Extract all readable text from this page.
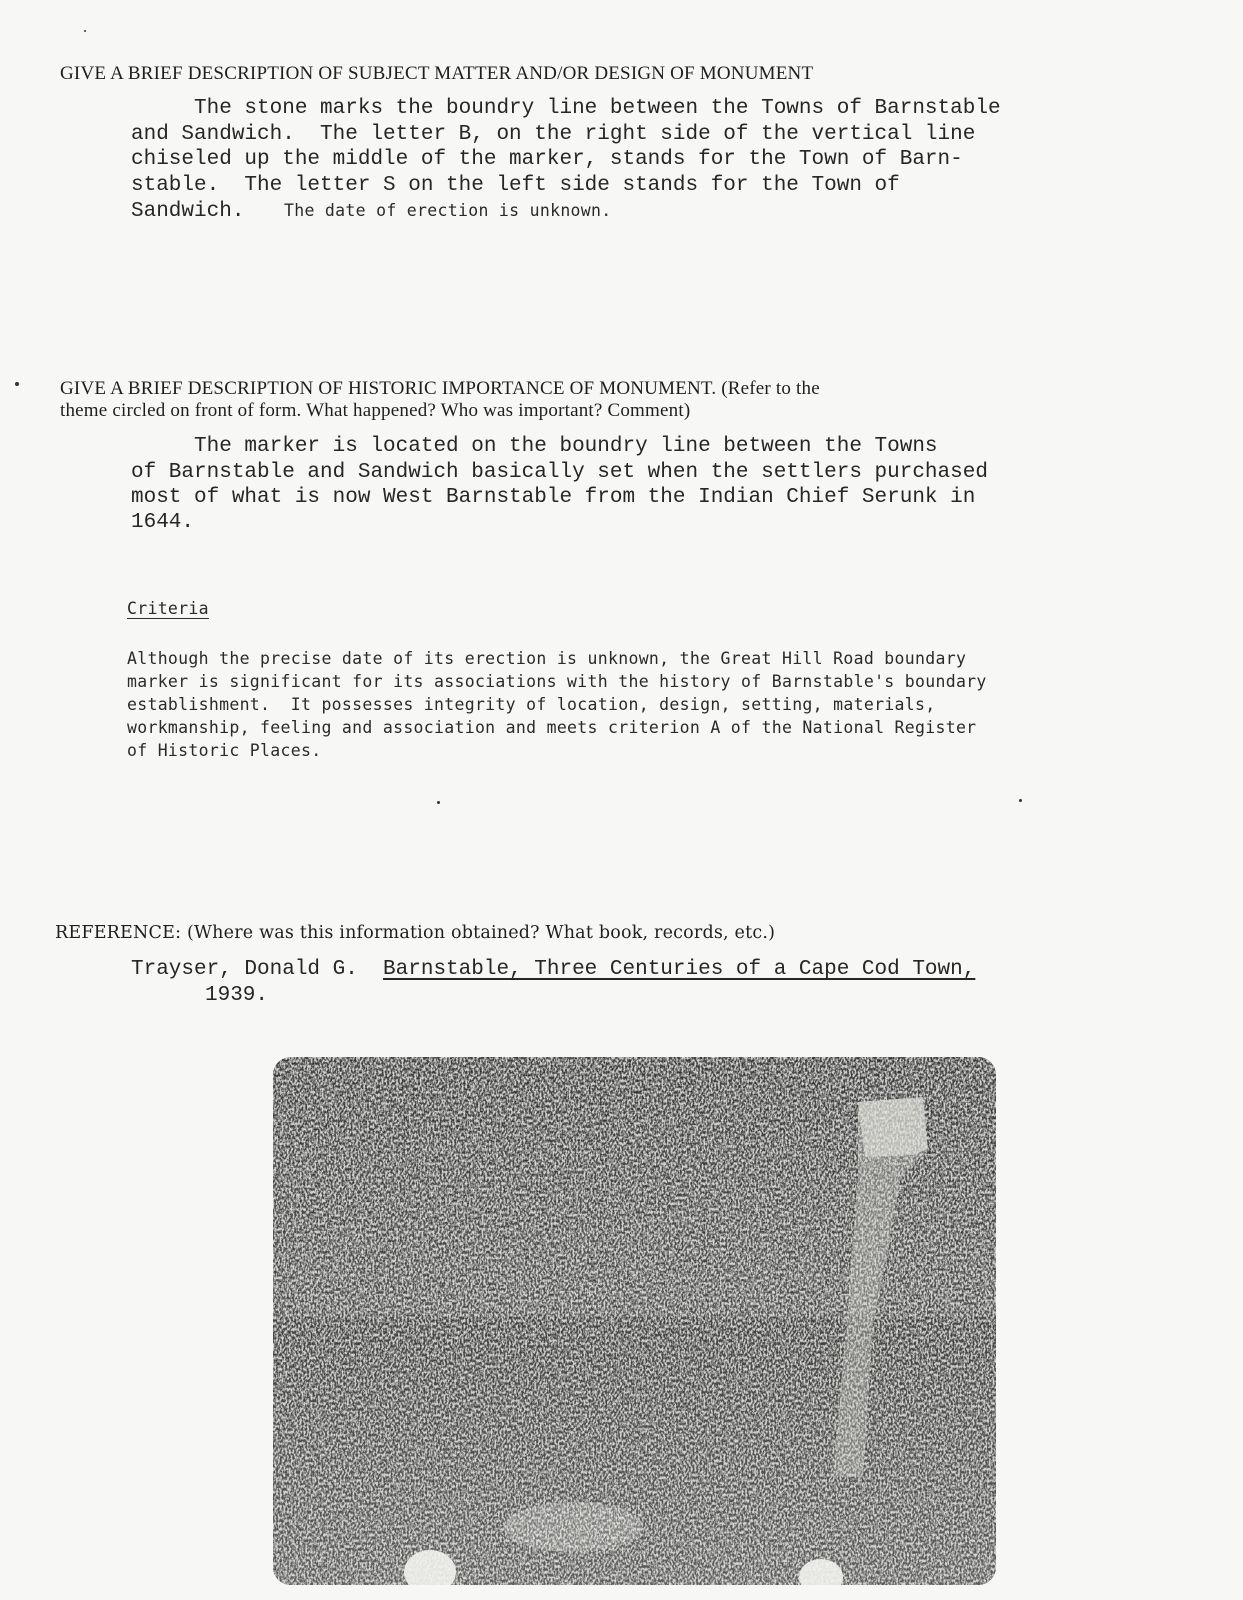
GIVE A BRIEF DESCRIPTION OF SUBJECT MATTER AND/OR DESIGN OF MONUMENT
The stone marks the boundry line between the Towns of Barnstable
and Sandwich.  The letter B, on the right side of the vertical line
chiseled up the middle of the marker, stands for the Town of Barn-
stable.  The letter S on the left side stands for the Town of
Sandwich. The date of erection is unknown.
GIVE A BRIEF DESCRIPTION OF HISTORIC IMPORTANCE OF MONUMENT. (Refer to the
theme circled on front of form. What happened? Who was important? Comment)
The marker is located on the boundry line between the Towns
of Barnstable and Sandwich basically set when the settlers purchased
most of what is now West Barnstable from the Indian Chief Serunk in
1644.
Criteria
Although the precise date of its erection is unknown, the Great Hill Road boundary
marker is significant for its associations with the history of Barnstable's boundary
establishment.  It possesses integrity of location, design, setting, materials,
workmanship, feeling and association and meets criterion A of the National Register
of Historic Places.
REFERENCE: (Where was this information obtained? What book, records, etc.)
Trayser, Donald G.  Barnstable, Three Centuries of a Cape Cod Town,
1939.
